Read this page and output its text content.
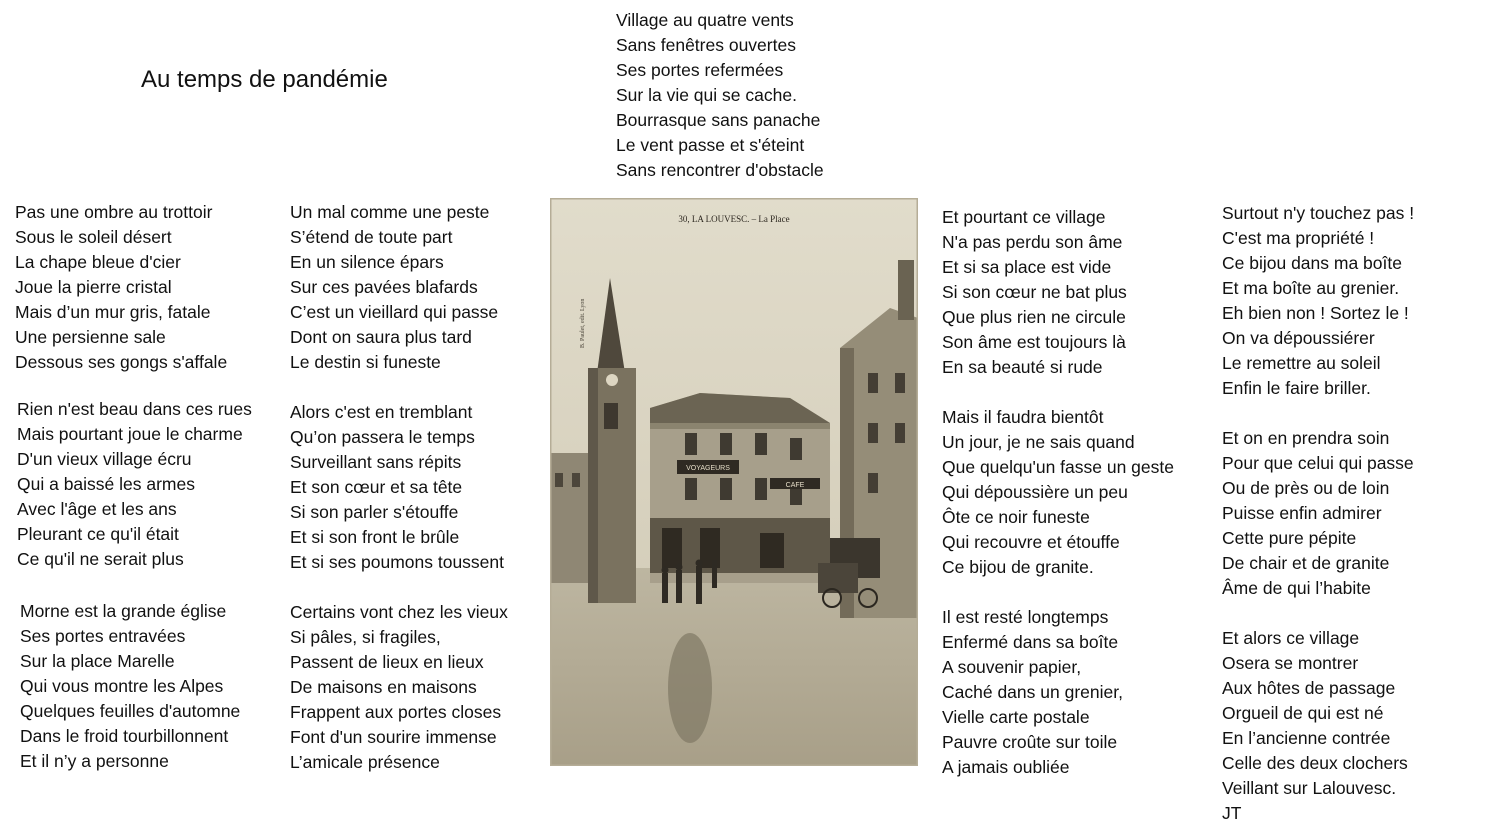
Au temps de pandémie
Village au quatre vents
Sans fenêtres ouvertes
Ses portes refermées
Sur la vie qui se cache.
Bourrasque sans panache
Le vent passe et s'éteint
Sans rencontrer d'obstacle
Pas une ombre au trottoir
Sous le soleil désert
La chape bleue d'cier
Joue la pierre cristal
Mais d’un mur gris, fatale
Une persienne sale
Dessous ses gongs s'affale
Rien n'est beau dans ces rues
Mais pourtant joue le charme
D'un vieux village écru
Qui a baissé les armes
Avec l'âge et les ans
Pleurant ce qu'il était
Ce qu'il ne serait plus
Morne est la grande église
Ses portes entravées
Sur la place Marelle
Qui vous montre les Alpes
Quelques feuilles d'automne
Dans le froid tourbillonnent
Et il n’y a personne
Un mal comme une peste
S’étend de toute part
En un silence épars
Sur ces pavées blafards
C’est un vieillard qui passe
Dont on saura plus tard
Le destin si funeste
Alors c'est en tremblant
Qu’on passera le temps
Surveillant sans répits
Et son cœur et sa tête
Si son parler s'étouffe
Et si son front le brûle
Et si ses poumons toussent
Certains vont chez les vieux
Si pâles, si fragiles,
Passent de lieux en lieux
De maisons en maisons
Frappent aux portes closes
Font d'un sourire immense
L’amicale présence
Et pourtant ce village
N'a pas perdu son âme
Et si sa place est vide
Si son cœur ne bat plus
Que plus rien ne circule
Son âme est toujours là
En sa beauté si rude
Mais il faudra bientôt
Un jour, je ne sais quand
Que quelqu'un fasse un geste
Qui dépoussière un peu
Ôte ce noir funeste
Qui recouvre et étouffe
Ce bijou de granite.
Il est resté longtemps
Enfermé dans sa boîte
A souvenir papier,
Caché dans un grenier,
Vielle carte postale
Pauvre croûte sur toile
A jamais oubliée
Surtout n'y touchez pas !
C'est ma propriété !
Ce bijou dans ma boîte
Et ma boîte au grenier.
Eh bien non ! Sortez le !
On va dépoussiérer
Le remettre au soleil
Enfin le faire briller.
Et on en prendra soin
Pour que celui qui passe
Ou de près ou de loin
Puisse enfin admirer
Cette pure pépite
De chair et de granite
Âme de qui l’habite
Et alors ce village
Osera se montrer
Aux hôtes de passage
Orgueil de qui est né
En l’ancienne contrée
Celle des deux clochers
Veillant sur Lalouvesc.
JT
VOYAGEURS
CAFE
30, LA LOUVESC. – La Place
B. Paulet, edit. Lyon
